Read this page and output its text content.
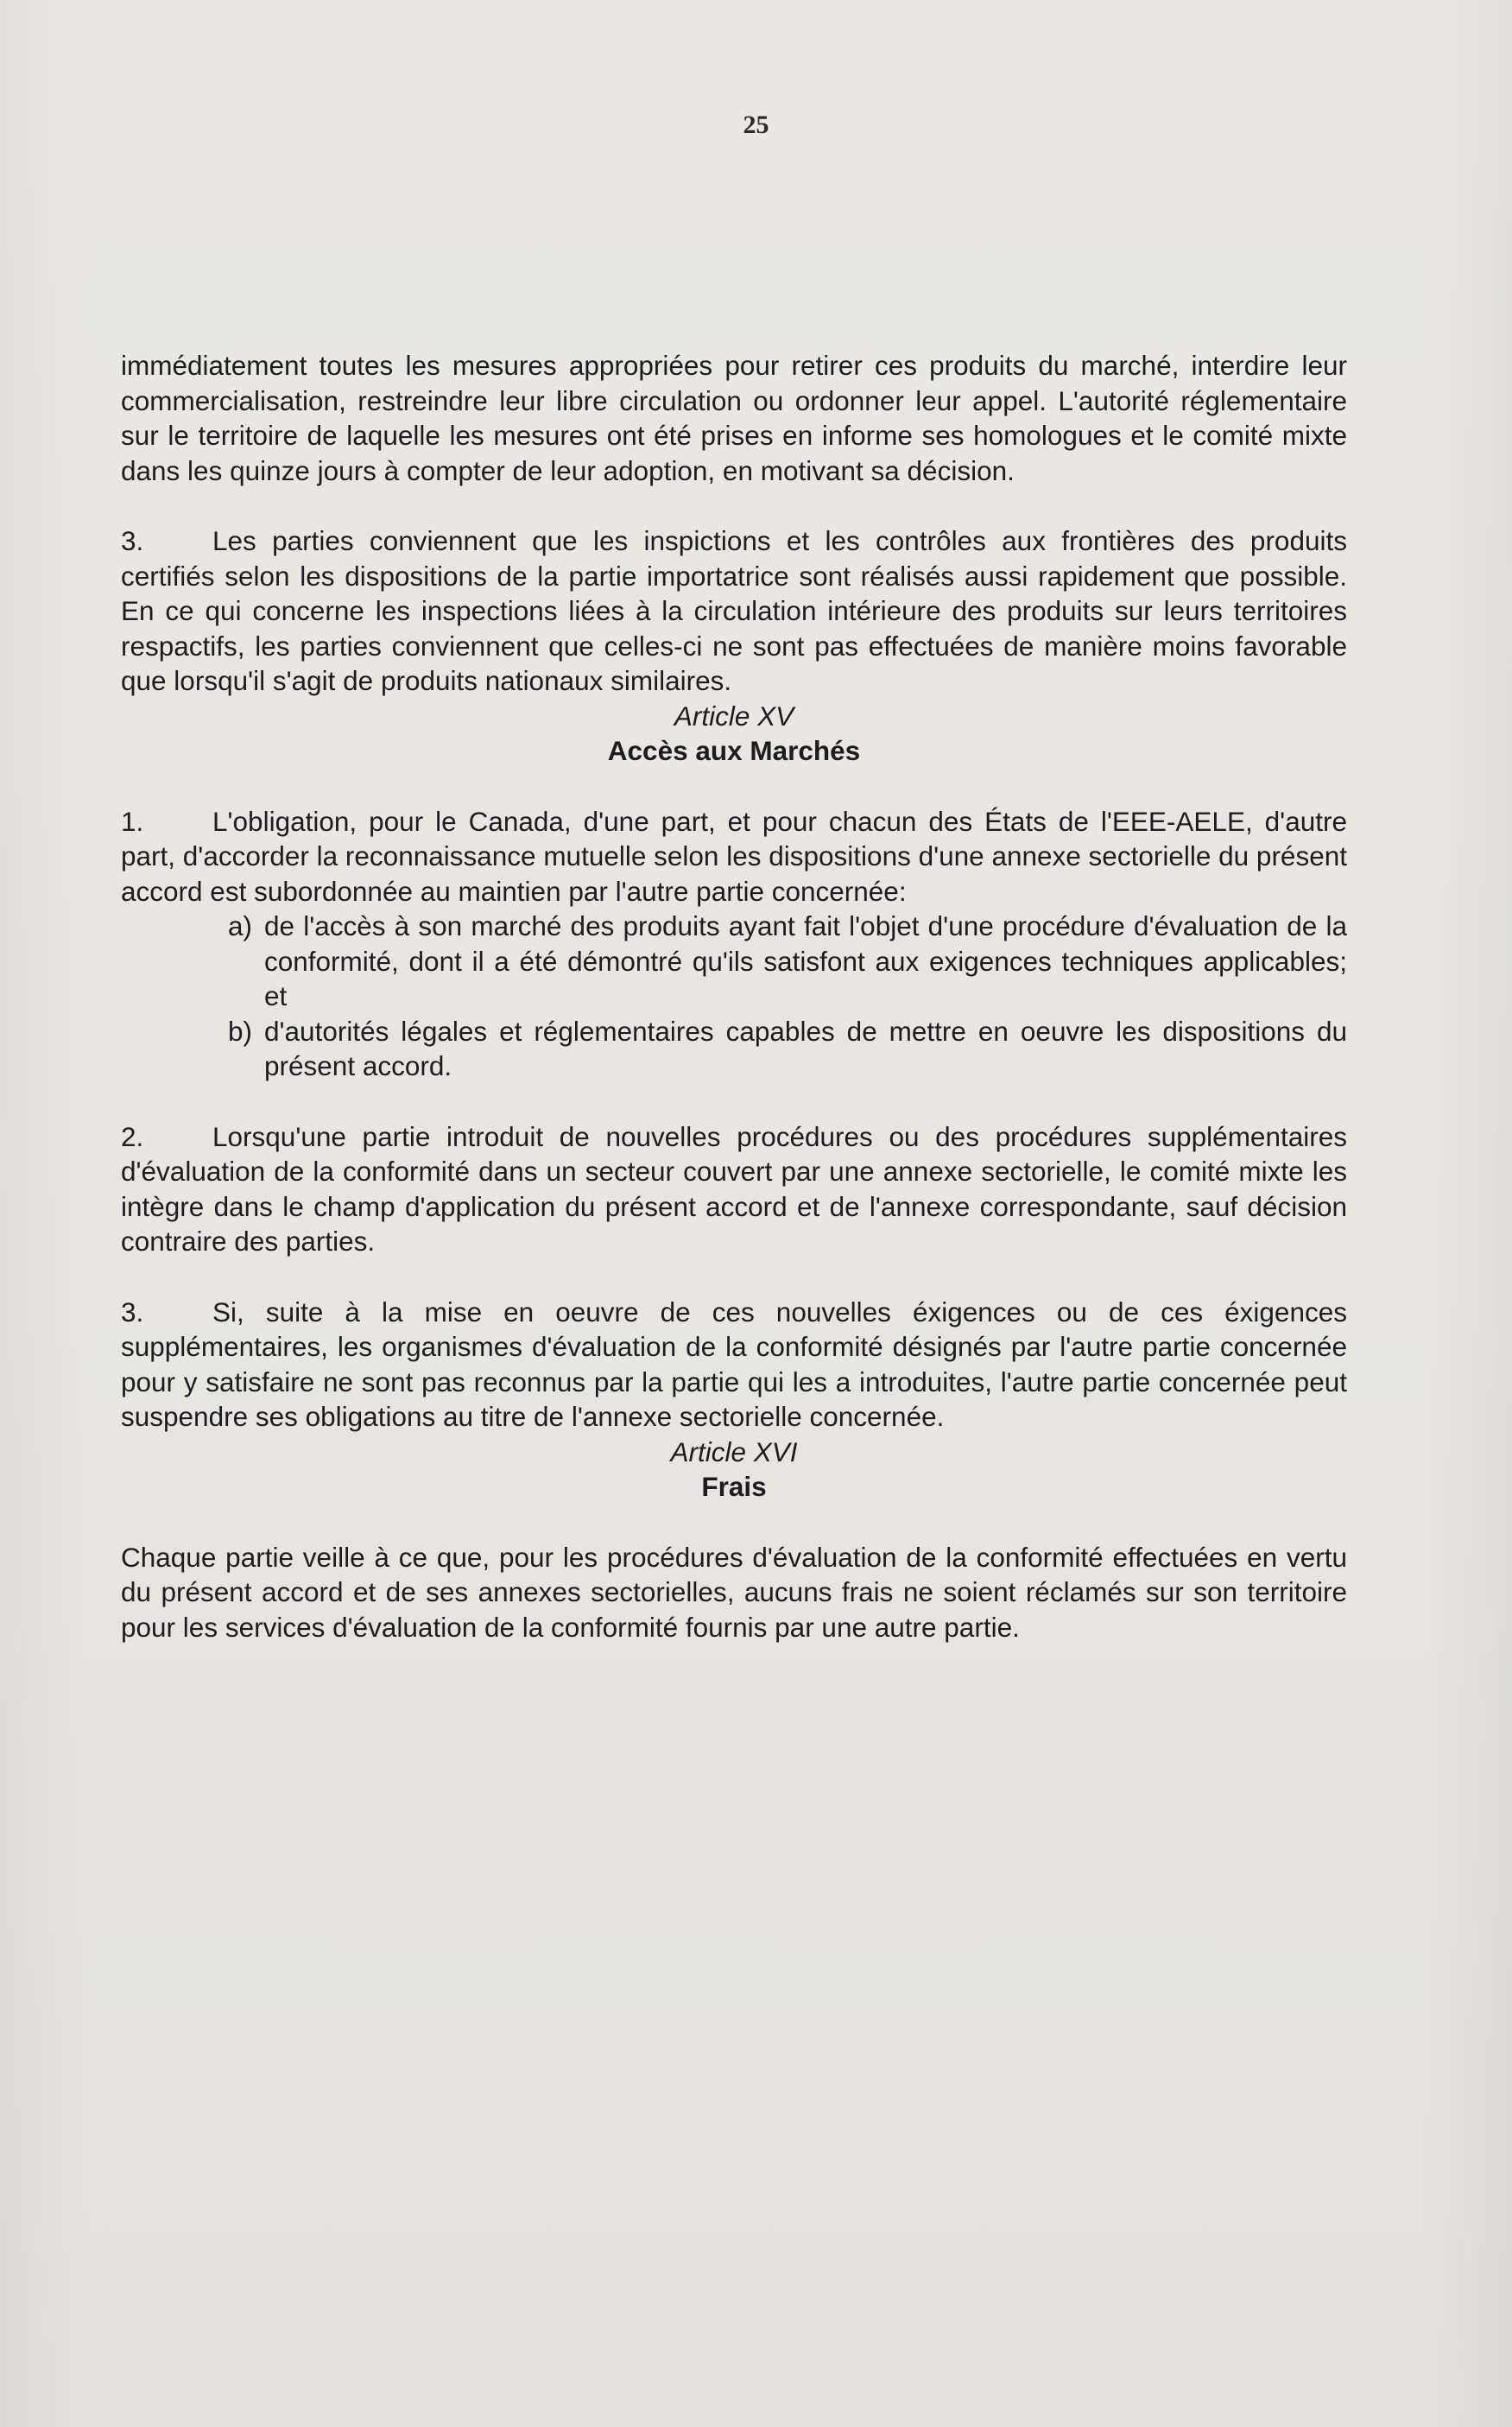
25

immédiatement toutes les mesures appropriées pour retirer ces produits du marché, interdire leur commercialisation, restreindre leur libre circulation ou ordonner leur appel. L'autorité réglementaire sur le territoire de laquelle les mesures ont été prises en informe ses homologues et le comité mixte dans les quinze jours à compter de leur adoption, en motivant sa décision.

3.	Les parties conviennent que les inspictions et les contrôles aux frontières des produits certifiés selon les dispositions de la partie importatrice sont réalisés aussi rapidement que possible. En ce qui concerne les inspections liées à la circulation intérieure des produits sur leurs territoires respactifs, les parties conviennent que celles-ci ne sont pas effectuées de manière moins favorable que lorsqu'il s'agit de produits nationaux similaires.

Article XV

Accès aux Marchés

1.	L'obligation, pour le Canada, d'une part, et pour chacun des États de l'EEE-AELE, d'autre part, d'accorder la reconnaissance mutuelle selon les dispositions d'une annexe sectorielle du présent accord est subordonnée au maintien par l'autre partie concernée:

a) de l'accès à son marché des produits ayant fait l'objet d'une procédure d'évaluation de la conformité, dont il a été démontré qu'ils satisfont aux exigences techniques applicables; et
b) d'autorités légales et réglementaires capables de mettre en oeuvre les dispositions du présent accord.

2.	Lorsqu'une partie introduit de nouvelles procédures ou des procédures supplémentaires d'évaluation de la conformité dans un secteur couvert par une annexe sectorielle, le comité mixte les intègre dans le champ d'application du présent accord et de l'annexe correspondante, sauf décision contraire des parties.

3.	Si, suite à la mise en oeuvre de ces nouvelles éxigences ou de ces éxigences supplémentaires, les organismes d'évaluation de la conformité désignés par l'autre partie concernée pour y satisfaire ne sont pas reconnus par la partie qui les a introduites, l'autre partie concernée peut suspendre ses obligations au titre de l'annexe sectorielle concernée.

Article XVI

Frais

Chaque partie veille à ce que, pour les procédures d'évaluation de la conformité effectuées en vertu du présent accord et de ses annexes sectorielles, aucuns frais ne soient réclamés sur son territoire pour les services d'évaluation de la conformité fournis par une autre partie.
